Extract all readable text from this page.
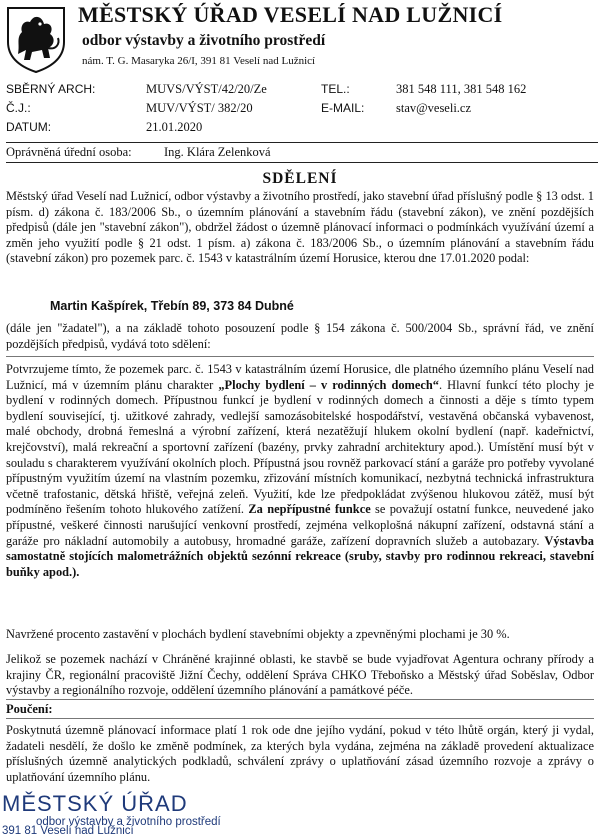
MĚSTSKÝ ÚŘAD VESELÍ NAD LUŽNICÍ
odbor výstavby a životního prostředí
nám. T. G. Masaryka 26/I, 391 81 Veselí nad Lužnicí
SBĚRNÝ ARCH:	MUVS/VÝST/42/20/Ze	TEL.:	381 548 111, 381 548 162
Č.J.:	MUV/VÝST/ 382/20	E-MAIL:	stav@veseli.cz
DATUM:	21.01.2020
Oprávněná úřední osoba:	Ing. Klára Zelenková
SDĚLENÍ
Městský úřad Veselí nad Lužnicí, odbor výstavby a životního prostředí, jako stavební úřad příslušný podle § 13 odst. 1 písm. d) zákona č. 183/2006 Sb., o územním plánování a stavebním řádu (stavební zákon), ve znění pozdějších předpisů (dále jen "stavební zákon"), obdržel žádost o územně plánovací informaci o podmínkách využívání území a změn jeho využití podle § 21 odst. 1 písm. a) zákona č. 183/2006 Sb., o územním plánování a stavebním řádu (stavební zákon) pro pozemek parc. č. 1543 v katastrálním území Horusice, kterou dne 17.01.2020 podal:
Martin Kašpírek, Třebín 89, 373 84 Dubné
(dále jen "žadatel"), a na základě tohoto posouzení podle § 154 zákona č. 500/2004 Sb., správní řád, ve znění pozdějších předpisů, vydává toto sdělení:
Potvrzujeme tímto, že pozemek parc. č. 1543 v katastrálním území Horusice, dle platného územního plánu Veselí nad Lužnicí, má v územním plánu charakter „Plochy bydlení – v rodinných domech“. Hlavní funkcí této plochy je bydlení v rodinných domech. Přípustnou funkcí je bydlení v rodinných domech a činnosti a děje s tímto typem bydlení související, tj. užitkové zahrady, vedlejší samozásobitelské hospodářství, vestavěná občanská vybavenost, malé obchody, drobná řemeslná a výrobní zařízení, která nezatěžují hlukem okolní bydlení (např. kadeřnictví, krejčovství), malá rekreační a sportovní zařízení (bazény, prvky zahradní architektury apod.). Umístění musí být v souladu s charakterem využívání okolních ploch. Přípustná jsou rovněž parkovací stání a garáže pro potřeby vyvolané přípustným využitím území na vlastním pozemku, zřizování místních komunikací, nezbytná technická infrastruktura včetně trafostanic, dětská hřiště, veřejná zeleň. Využití, kde lze předpokládat zvýšenou hlukovou zátěž, musí být podmíněno řešením tohoto hlukového zatížení. Za nepřípustné funkce se považují ostatní funkce, neuvedené jako přípustné, veškeré činnosti narušující venkovní prostředí, zejména velkoplošná nákupní zařízení, odstavná stání a garáže pro nákladní automobily a autobusy, hromadné garáže, zařízení dopravních služeb a autobazary. Výstavba samostatně stojících malometrážních objektů sezónní rekreace (sruby, stavby pro rodinnou rekreaci, stavební buňky apod.).
Navržené procento zastavění v plochách bydlení stavebními objekty a zpevněnými plochami je 30 %.
Jelikož se pozemek nachází v Chráněné krajinné oblasti, ke stavbě se bude vyjadřovat Agentura ochrany přírody a krajiny ČR, regionální pracoviště Jižní Čechy, oddělení Správa CHKO Třeboňsko a Městský úřad Soběslav, Odbor výstavby a regionálního rozvoje, oddělení územního plánování a památkové péče.
Poučení:
Poskytnutá územně plánovací informace platí 1 rok ode dne jejího vydání, pokud v této lhůtě orgán, který ji vydal, žadateli nesdělí, že došlo ke změně podmínek, za kterých byla vydána, zejména na základě provedení aktualizace příslušných územně analytických podkladů, schválení zprávy o uplatňování zásad územního rozvoje a zprávy o uplatňování územního plánu.
MĚSTSKÝ ÚŘAD
odbor výstavby a životního prostředí
391 81 Veselí nad Lužnicí
